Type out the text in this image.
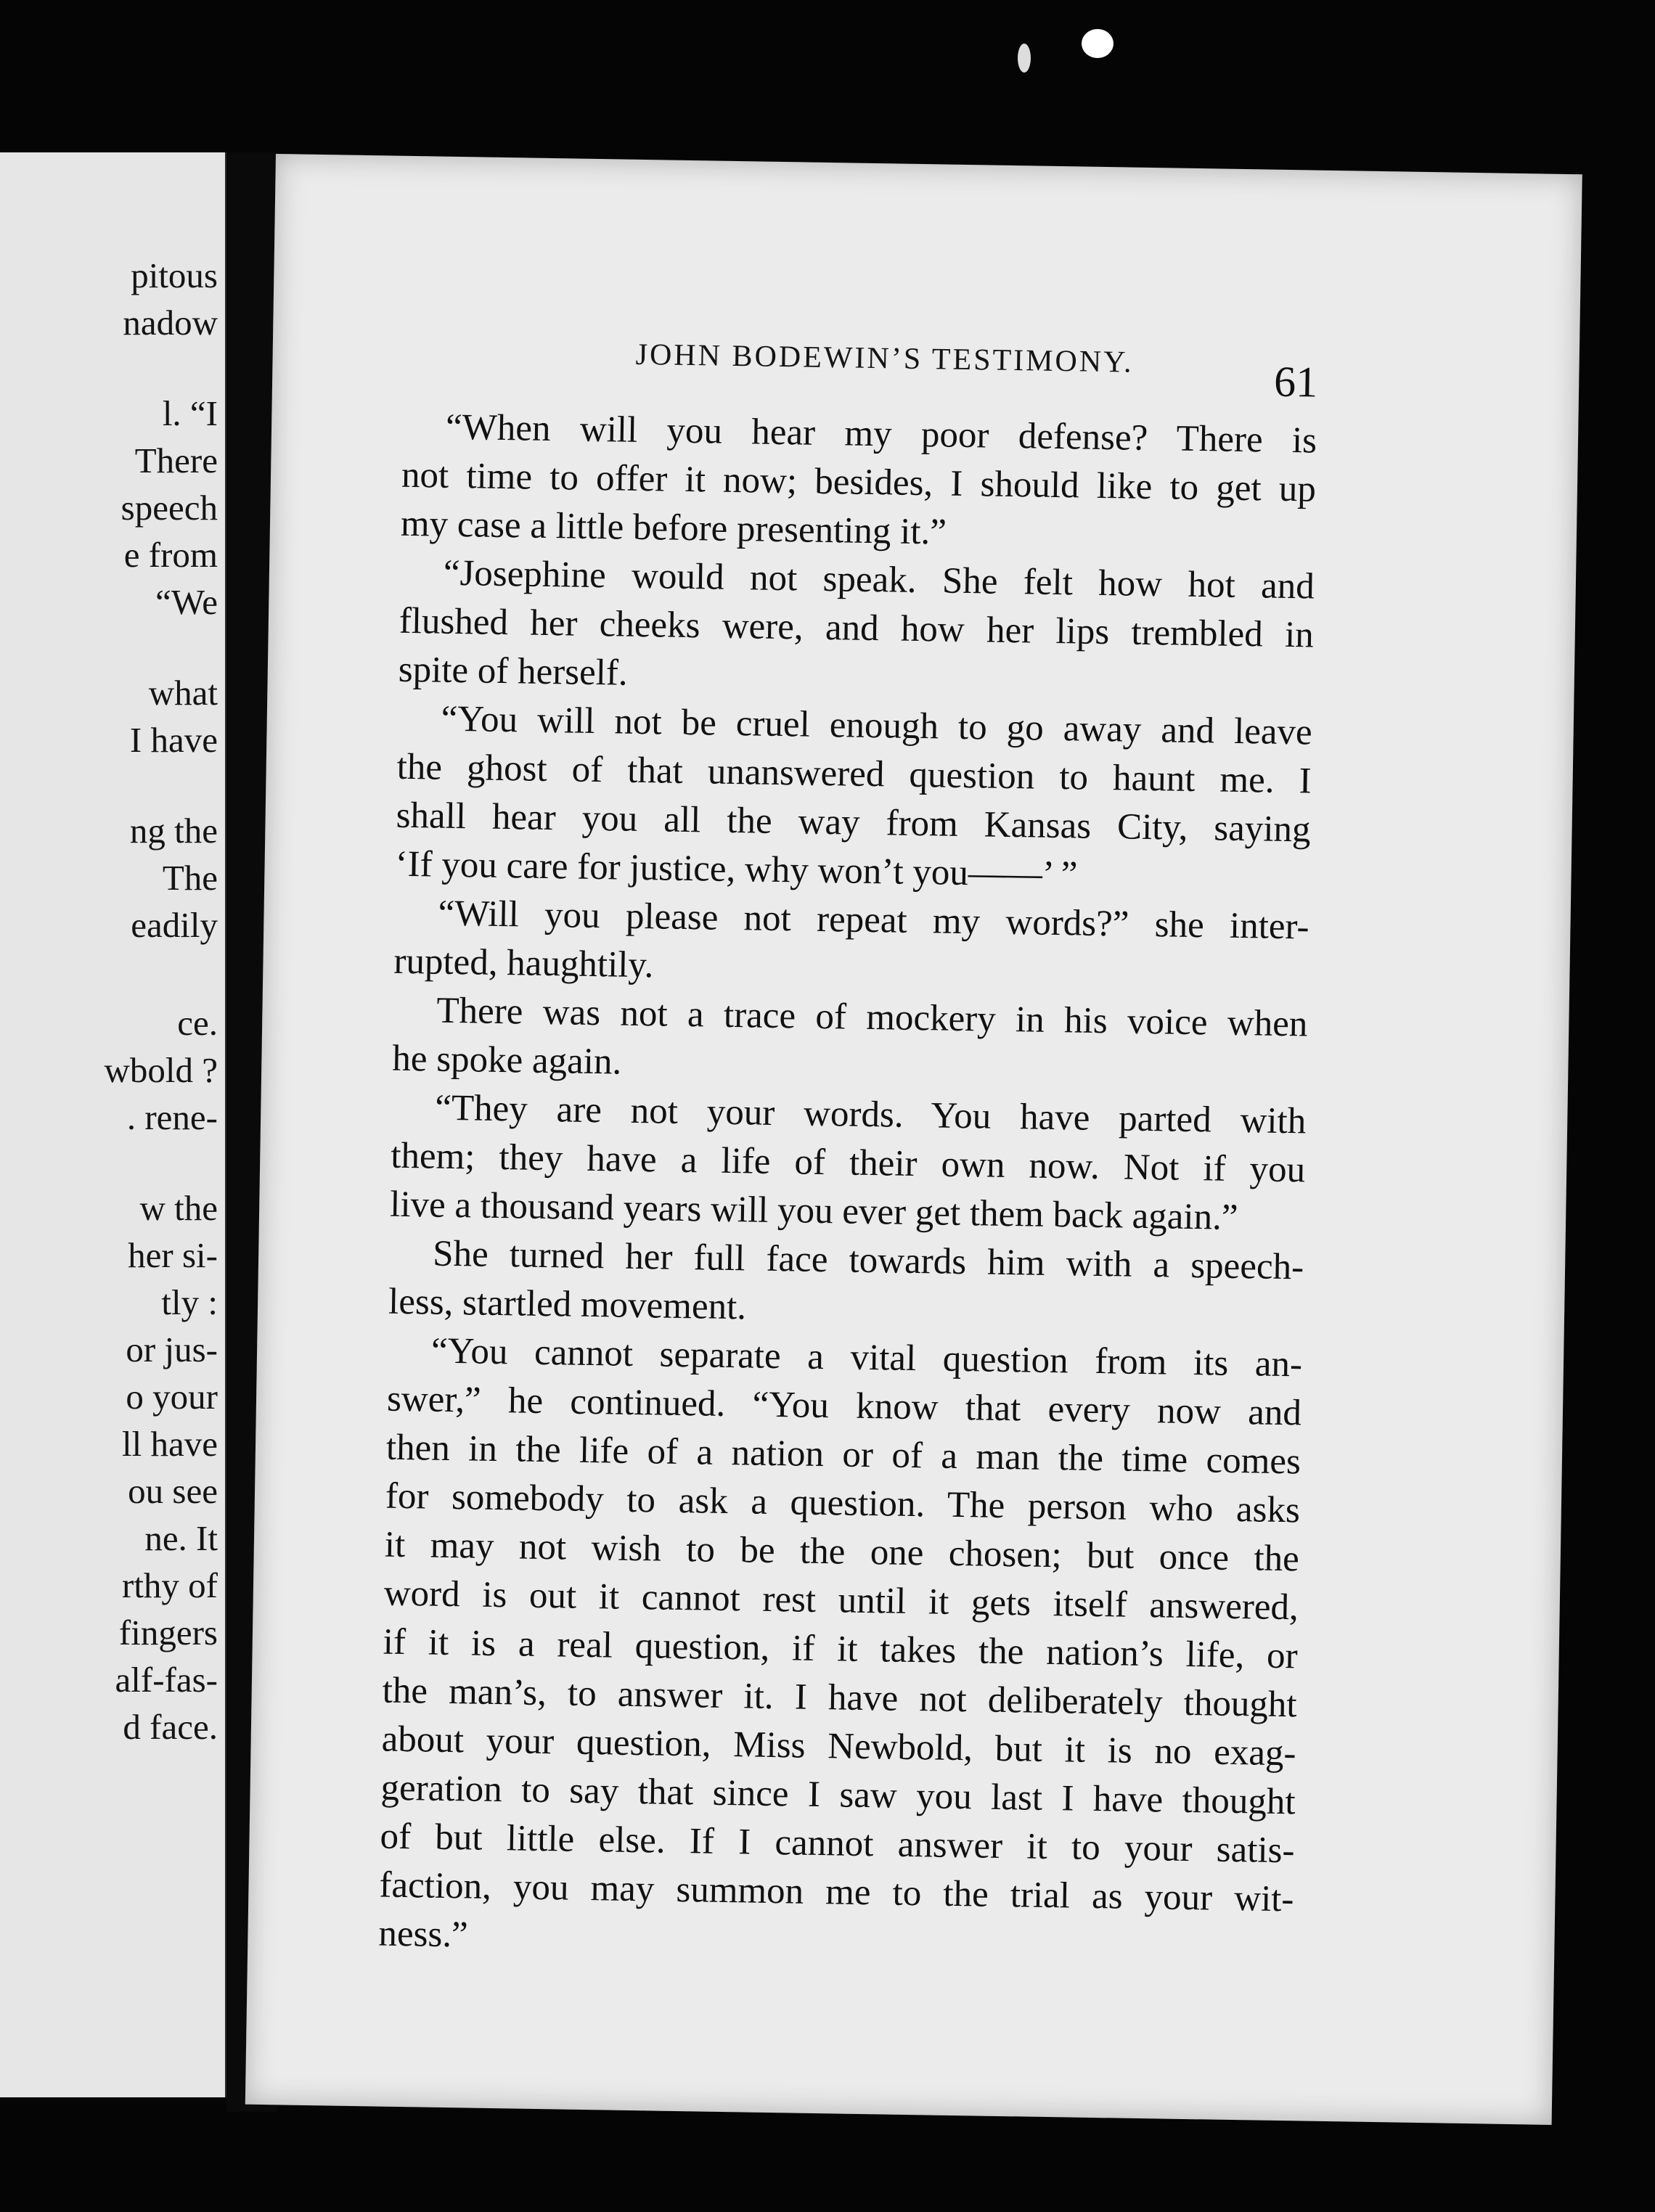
pitous
nadow
l. “I
There
speech
e from
“We
what
I have
ng the
The
eadily
ce.
wbold ?
. rene-
w the
her si-
tly :
or jus-
o your
ll have
ou see
ne. It
rthy of
fingers
alf-fas-
d face.
JOHN BODEWIN’S TESTIMONY.	61
“When will you hear my poor defense? There is
not time to offer it now; besides, I should like to get up
my case a little before presenting it.”
“Josephine would not speak. She felt how hot and
flushed her cheeks were, and how her lips trembled in
spite of herself.
“You will not be cruel enough to go away and leave
the ghost of that unanswered question to haunt me. I
shall hear you all the way from Kansas City, saying
‘If you care for justice, why won’t you——’ ”
“Will you please not repeat my words?” she inter-
rupted, haughtily.
There was not a trace of mockery in his voice when
he spoke again.
“They are not your words. You have parted with
them; they have a life of their own now. Not if you
live a thousand years will you ever get them back again.”
She turned her full face towards him with a speech-
less, startled movement.
“You cannot separate a vital question from its an-
swer,” he continued. “You know that every now and
then in the life of a nation or of a man the time comes
for somebody to ask a question. The person who asks
it may not wish to be the one chosen; but once the
word is out it cannot rest until it gets itself answered,
if it is a real question, if it takes the nation’s life, or
the man’s, to answer it. I have not deliberately thought
about your question, Miss Newbold, but it is no exag-
geration to say that since I saw you last I have thought
of but little else. If I cannot answer it to your satis-
faction, you may summon me to the trial as your wit-
ness.”
